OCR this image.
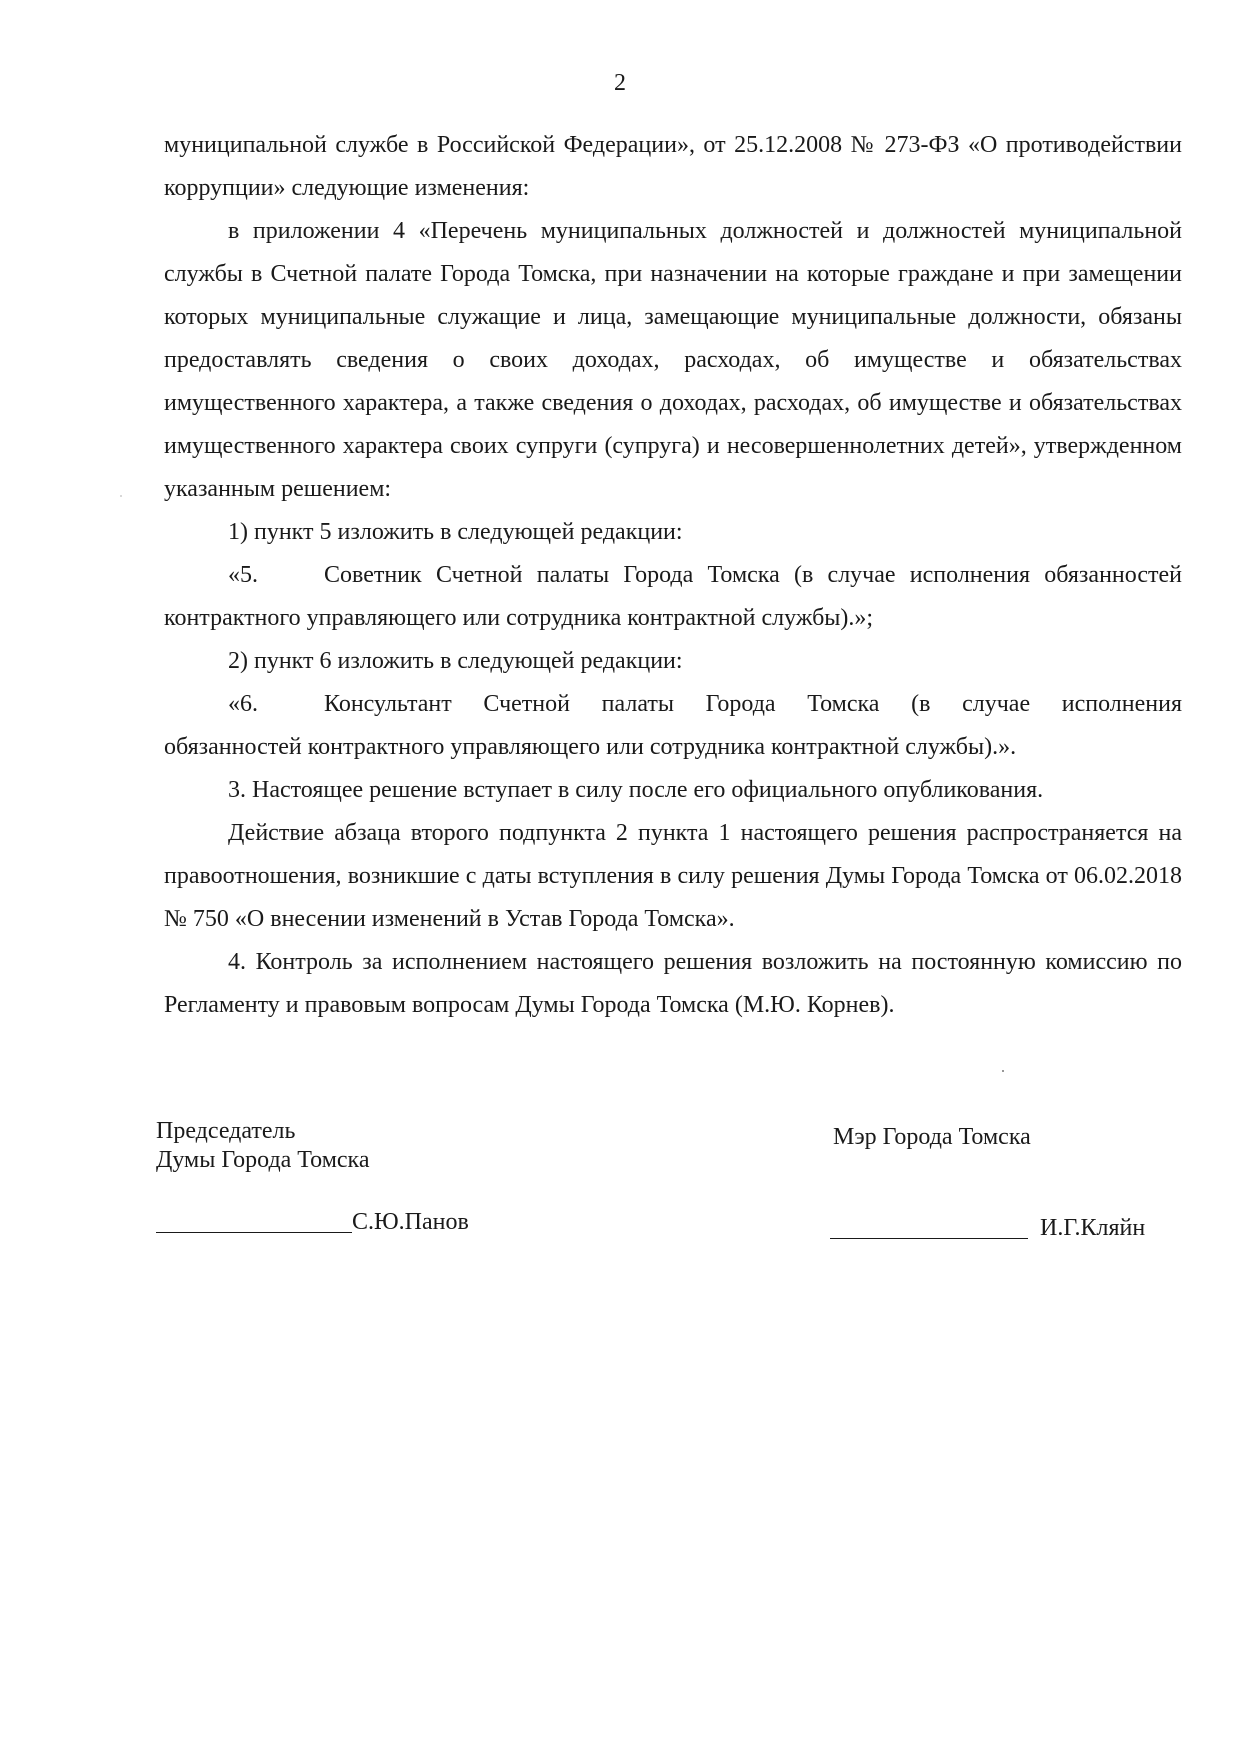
2

муниципальной службе в Российской Федерации», от 25.12.2008 № 273-ФЗ «О противодействии коррупции» следующие изменения:

в приложении 4 «Перечень муниципальных должностей и должностей муниципальной службы в Счетной палате Города Томска, при назначении на которые граждане и при замещении которых муниципальные служащие и лица, замещающие муниципальные должности, обязаны предоставлять сведения о своих доходах, расходах, об имуществе и обязательствах имущественного характера, а также сведения о доходах, расходах, об имуществе и обязательствах имущественного характера своих супруги (супруга) и несовершеннолетних детей», утвержденном указанным решением:

1) пункт 5 изложить в следующей редакции:

«5.	Советник Счетной палаты Города Томска (в случае исполнения обязанностей

контрактного управляющего или сотрудника контрактной службы).»;

2) пункт 6 изложить в следующей редакции:

«6.	Консультант Счетной палаты Города Томска (в случае исполнения

обязанностей контрактного управляющего или сотрудника контрактной службы).».

3. Настоящее решение вступает в силу после его официального опубликования.

Действие абзаца второго подпункта 2 пункта 1 настоящего решения распространяется на правоотношения, возникшие с даты вступления в силу решения Думы Города Томска от 06.02.2018 № 750 «О внесении изменений в Устав Города Томска».

4. Контроль за исполнением настоящего решения возложить на постоянную комиссию по Регламенту и правовым вопросам Думы Города Томска (М.Ю. Корнев).

Председатель
Думы Города Томска
Мэр Города Томска
С.Ю.Панов	И.Г.Кляйн
